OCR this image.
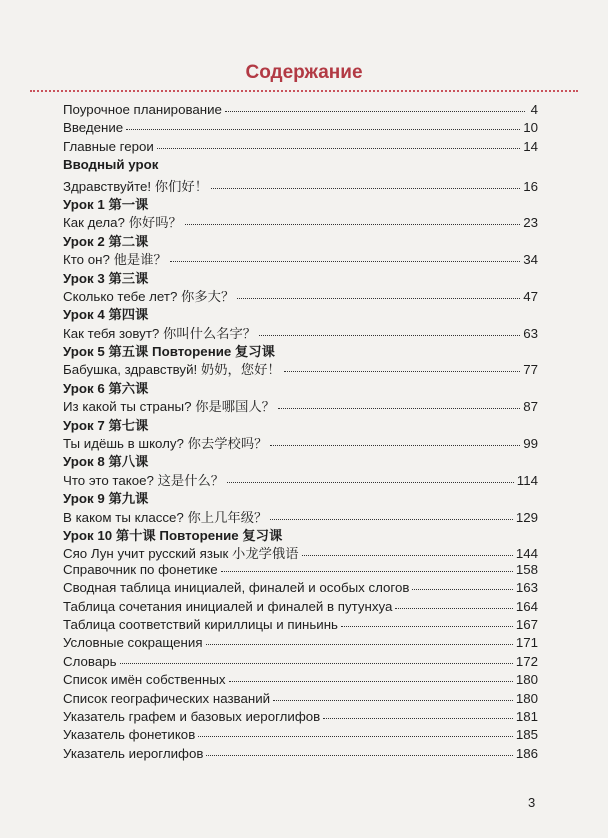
Содержание
Поурочное планирование	4
Введение	10
Главные герои	14
Вводный урок
Здравствуйте! 你们好！	16
Урок 1 第一课
Как дела? 你好吗？	23
Урок 2 第二课
Кто он? 他是谁？	34
Урок 3 第三课
Сколько тебе лет? 你多大？	47
Урок 4 第四课
Как тебя зовут? 你叫什么名字？	63
Урок 5 第五课 Повторение 复习课
Бабушка, здравствуй! 奶奶，您好！	77
Урок 6 第六课
Из какой ты страны? 你是哪国人？	87
Урок 7 第七课
Ты идёшь в школу? 你去学校吗？	99
Урок 8 第八课
Что это такое? 这是什么？	114
Урок 9 第九课
В каком ты классе? 你上几年级？	129
Урок 10 第十课 Повторение 复习课
Сяо Лун учит русский язык 小龙学俄语	144
Справочник по фонетике	158
Сводная таблица инициалей, финалей и особых слогов	163
Таблица сочетания инициалей и финалей в путунхуа	164
Таблица соответствий кириллицы и пиньинь	167
Условные сокращения	171
Словарь	172
Список имён собственных	180
Список географических названий	180
Указатель графем и базовых иероглифов	181
Указатель фонетиков	185
Указатель иероглифов	186
3
